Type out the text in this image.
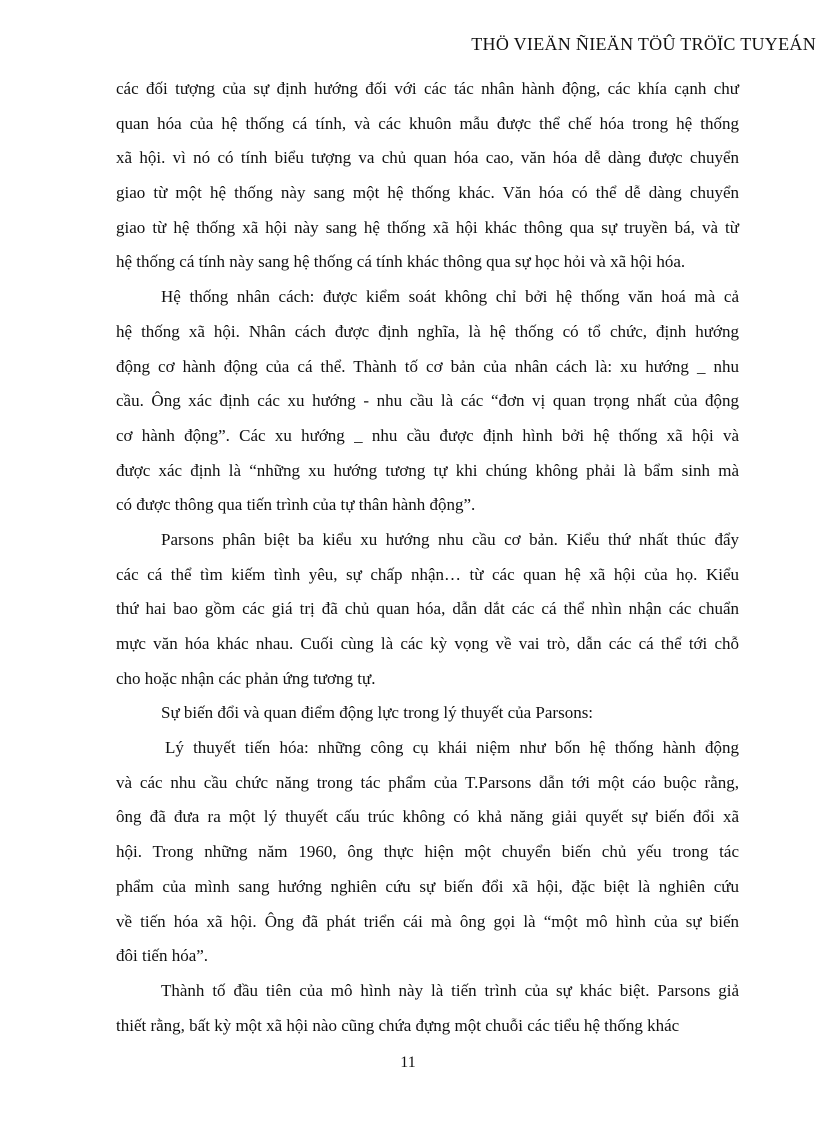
THÖ VIEÄN ÑIEÄN TÖÛ TRÖÏC TUYEÁN
các đối tượng của sự định hướng đối với các tác nhân hành động, các khía cạnh chư
quan hóa của hệ thống cá tính, và các khuôn mẫu được thể chế hóa trong hệ thống
xã hội. vì nó có tính biểu tượng va chủ quan hóa cao, văn hóa dễ dàng được chuyển
giao từ một hệ thống này sang một hệ thống khác. Văn hóa có thể dễ dàng chuyển
giao từ hệ thống xã hội này sang hệ thống xã hội khác thông qua sự truyền bá, và từ
hệ thống cá tính này sang hệ thống cá tính khác thông qua sự học hỏi và xã hội hóa.
Hệ thống nhân cách: được kiểm soát không chỉ bởi hệ thống văn hoá mà cả
hệ thống xã hội. Nhân cách được định nghĩa, là hệ thống có tổ chức, định hướng
động cơ hành động của cá thể. Thành tố cơ bản của nhân cách là: xu hướng _ nhu
cầu. Ông xác định các xu hướng - nhu cầu là các “đơn vị quan trọng nhất của động
cơ hành động”. Các xu hướng _ nhu cầu được định hình bởi hệ thống xã hội và
được xác định là “những xu hướng tương tự khi chúng không phải là bẩm sinh mà
có được thông qua tiến trình của tự thân hành động”.
Parsons phân biệt ba kiểu xu hướng nhu cầu cơ bản. Kiểu thứ nhất thúc đẩy
các cá thể tìm kiếm tình yêu, sự chấp nhận… từ các quan hệ xã hội của họ. Kiểu
thứ hai bao gồm các giá trị đã chủ quan hóa, dẫn dắt các cá thể nhìn nhận các chuẩn
mực văn hóa khác nhau. Cuối cùng là các kỳ vọng về vai trò, dẫn các cá thể tới chỗ
cho hoặc nhận các phản ứng tương tự.
Sự biến đổi và quan điểm động lực trong lý thuyết của Parsons:
Lý thuyết tiến hóa: những công cụ khái niệm như bốn hệ thống hành động
và các nhu cầu chức năng trong tác phẩm của T.Parsons dẫn tới một cáo buộc rằng,
ông đã đưa ra một lý thuyết cấu trúc không có khả năng giải quyết sự biến đổi xã
hội. Trong những năm 1960, ông thực hiện một chuyển biến chủ yếu trong tác
phẩm của mình sang hướng nghiên cứu sự biến đổi xã hội, đặc biệt là nghiên cứu
về tiến hóa xã hội. Ông đã phát triển cái mà ông gọi là “một mô hình của sự biến
đôi tiến hóa”.
Thành tố đầu tiên của mô hình này là tiến trình của sự khác biệt. Parsons giả
thiết rằng, bất kỳ một xã hội nào cũng chứa đựng một chuỗi các tiểu hệ thống khác
11
